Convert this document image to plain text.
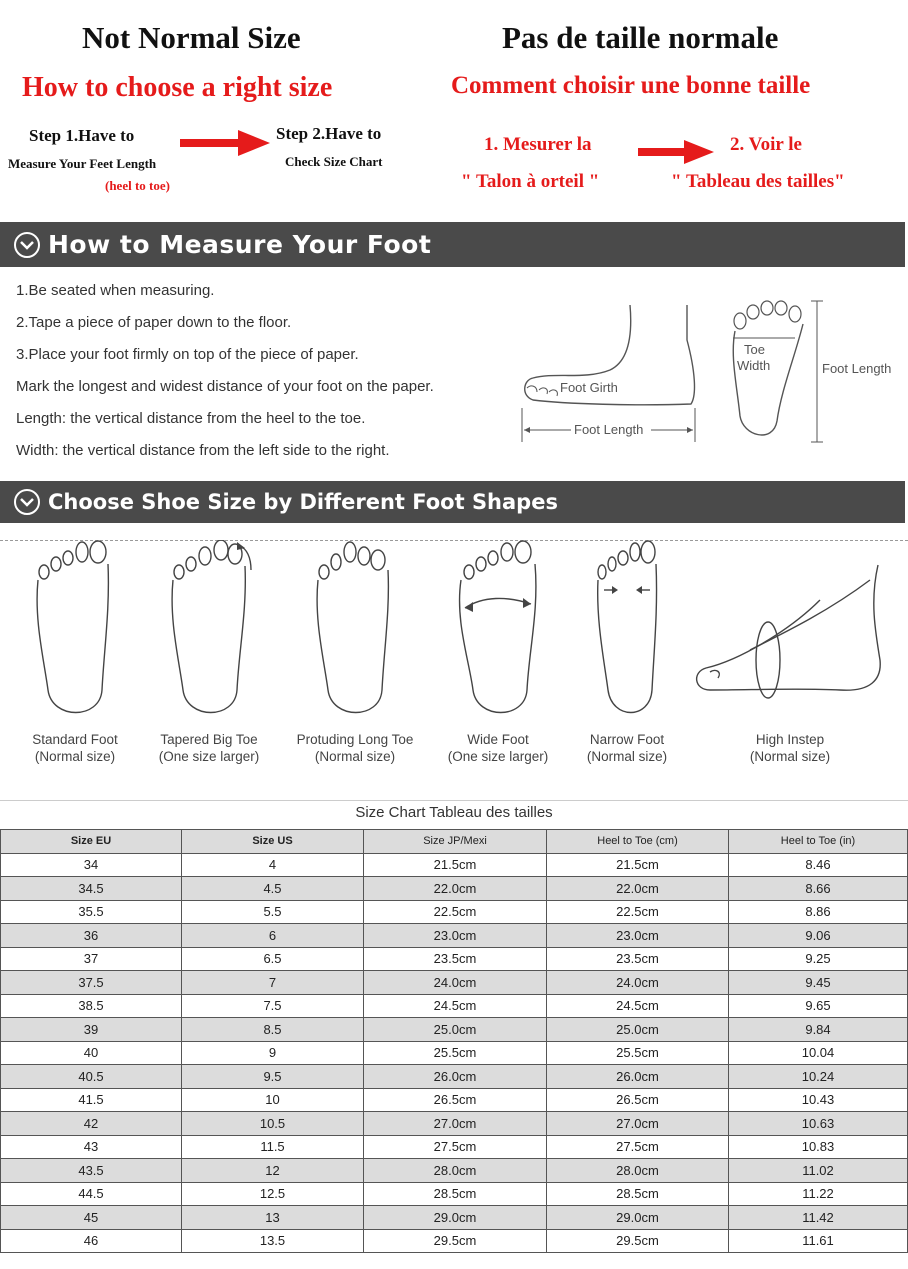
Not Normal Size	Pas de taille normale
How to choose a right size	Comment choisir une bonne taille
Step 1.Have to
Measure Your Feet Length
(heel to toe)
Step 2.Have to
Check Size Chart
1. Mesurer la
" Talon à orteil "
2. Voir le
" Tableau des tailles"
How to Measure Your Foot
1.Be seated when measuring.
2.Tape a piece of paper down to the floor.
3.Place your foot firmly on top of the piece of paper.
Mark the longest and widest distance of your foot on the paper.
Length: the vertical distance from the heel to the toe.
Width: the vertical distance from the left side to the right.
Foot Girth
Foot Length
Toe
Width	Foot Length
Choose Shoe Size by Different Foot Shapes
Standard Foot
(Normal size)
Tapered Big Toe
(One size larger)
Protuding Long Toe
(Normal size)
Wide Foot
(One size larger)
Narrow Foot
(Normal size)
High Instep
(Normal size)
Size Chart Tableau des tailles
Size EU	Size US	Size JP/Mexi	Heel to Toe (cm)	Heel to Toe (in)
34	4	21.5cm	21.5cm	8.46
34.5	4.5	22.0cm	22.0cm	8.66
35.5	5.5	22.5cm	22.5cm	8.86
36	6	23.0cm	23.0cm	9.06
37	6.5	23.5cm	23.5cm	9.25
37.5	7	24.0cm	24.0cm	9.45
38.5	7.5	24.5cm	24.5cm	9.65
39	8.5	25.0cm	25.0cm	9.84
40	9	25.5cm	25.5cm	10.04
40.5	9.5	26.0cm	26.0cm	10.24
41.5	10	26.5cm	26.5cm	10.43
42	10.5	27.0cm	27.0cm	10.63
43	11.5	27.5cm	27.5cm	10.83
43.5	12	28.0cm	28.0cm	11.02
44.5	12.5	28.5cm	28.5cm	11.22
45	13	29.0cm	29.0cm	11.42
46	13.5	29.5cm	29.5cm	11.61
